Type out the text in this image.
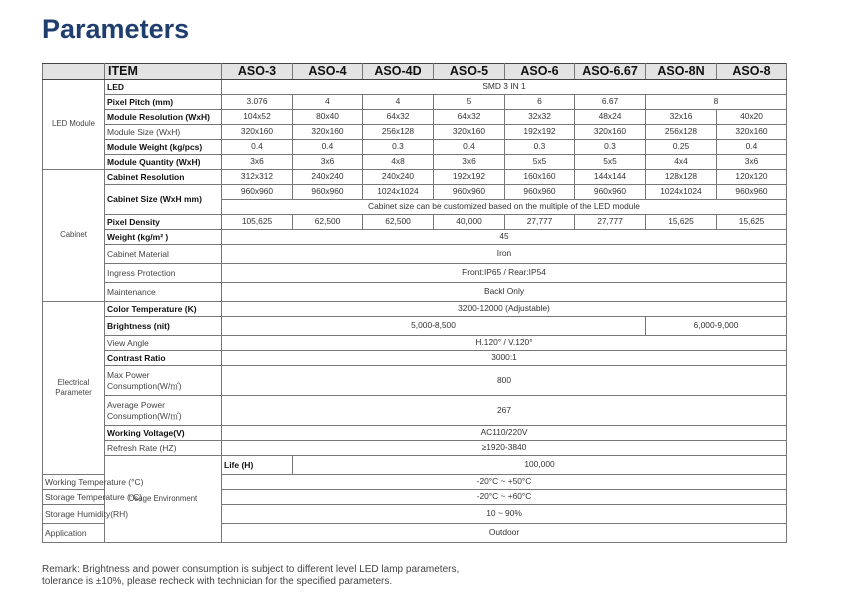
Parameters
	ITEM	ASO-3	ASO-4	ASO-4D	ASO-5	ASO-6	ASO-6.67	ASO-8N	ASO-8
LED Module	LED	SMD 3 IN 1							
	Pixel Pitch (mm)	3.076	4	4	5	6	6.67	8	
	Module Resolution (WxH)	104x52	80x40	64x32	64x32	32x32	48x24	32x16	40x20
	Module Size (WxH)	320x160	320x160	256x128	320x160	192x192	320x160	256x128	320x160
	Module Weight (kg/pcs)	0.4	0.4	0.3	0.4	0.3	0.3	0.25	0.4
	Module Quantity (WxH)	3x6	3x6	4x8	3x6	5x5	5x5	4x4	3x6
Cabinet	Cabinet Resolution	312x312	240x240	240x240	192x192	160x160	144x144	128x128	120x120
	Cabinet Size (WxH mm)	960x960	960x960	1024x1024	960x960	960x960	960x960	1024x1024	960x960
		Cabinet size can be customized based on the multiple of the LED module							
	Pixel Density	105,625	62,500	62,500	40,000	27,777	27,777	15,625	15,625
	Weight (kg/m² )	45							
	Cabinet Material	Iron							
	Ingress Protection	Front:IP65 / Rear:IP54							
	Maintenance	Backl Only							
Electrical Parameter	Color Temperature (K)	3200-12000 (Adjustable)							
	Brightness (nit)	5,000-8,500						6,000-9,000	
	View Angle	H.120° / V.120°							
	Contrast Ratio	3000:1							
	Max Power
Consumption(W/㎡)	800							
	Average Power
Consumption(W/㎡)	267							
	Working Voltage(V)	AC110/220V							
	Refresh Rate (HZ)	≥1920-3840							
	Usage Environment	Life (H)	100,000						
Working Temperature (°C)		-20°C ~ +50°C							
Storage Temperature (°C)		-20°C ~ +60°C							
Storage Humidity(RH)		10 ~ 90%							
Application		Outdoor							
Remark: Brightness and power consumption is subject to different level LED lamp parameters,
tolerance is ±10%, please recheck with technician for the specified parameters.
